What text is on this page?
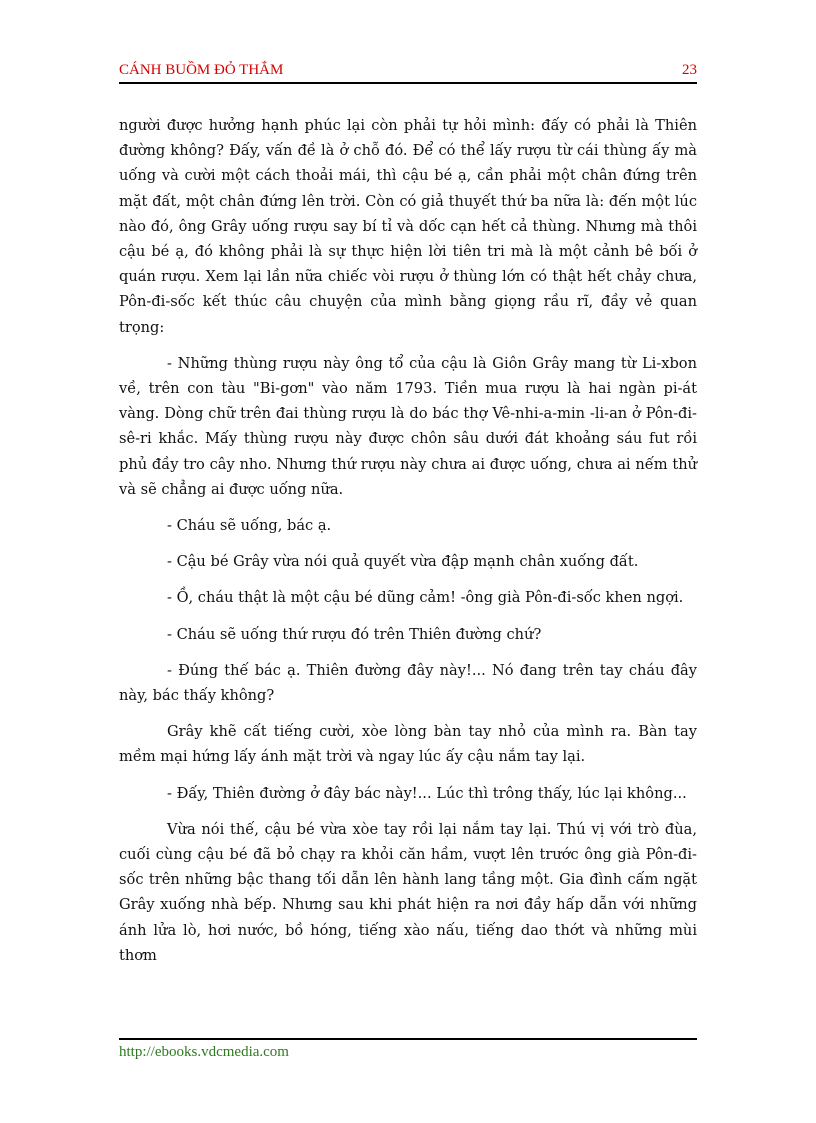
CÁNH BUỒM ĐỎ THẮM	23

người được hưởng hạnh phúc lại còn phải tự hỏi mình: đấy có phải là Thiên đường không? Đấy, vấn đề là ở chỗ đó. Để có thể lấy rượu từ cái thùng ấy mà uống và cười một cách thoải mái, thì cậu bé ạ, cần phải một chân đứng trên mặt đất, một chân đứng lên trời. Còn có giả thuyết thứ ba nữa là: đến một lúc nào đó, ông Grây uống rượu say bí tỉ và dốc cạn hết cả thùng. Nhưng mà thôi cậu bé ạ, đó không phải là sự thực hiện lời tiên tri mà là một cảnh bê bối ở quán rượu. Xem lại lần nữa chiếc vòi rượu ở thùng lớn có thật hết chảy chưa, Pôn-đi-sốc kết thúc câu chuyện của mình bằng giọng rầu rĩ, đầy vẻ quan trọng:

- Những thùng rượu này ông tổ của cậu là Giôn Grây mang từ Li-xbon về, trên con tàu "Bi-gơn" vào năm 1793. Tiền mua rượu là hai ngàn pi-át vàng. Dòng chữ trên đai thùng rượu là do bác thợ Vê-nhi-a-min -li-an ở Pôn-đi-sê-ri khắc. Mấy thùng rượu này được chôn sâu dưới đát khoảng sáu fut rồi phủ đầy tro cây nho. Nhưng thứ rượu này chưa ai được uống, chưa ai nếm thử và sẽ chẳng ai được uống nữa.

- Cháu sẽ uống, bác ạ.

- Cậu bé Grây vừa nói quả quyết vừa đập mạnh chân xuống đất.

- Ồ, cháu thật là một cậu bé dũng cảm! -ông già Pôn-đi-sốc khen ngợi.

- Cháu sẽ uống thứ rượu đó trên Thiên đường chứ?

- Đúng thế bác ạ. Thiên đường đây này!... Nó đang trên tay cháu đây này, bác thấy không?

Grây khẽ cất tiếng cười, xòe lòng bàn tay nhỏ của mình ra. Bàn tay mềm mại hứng lấy ánh mặt trời và ngay lúc ấy cậu nắm tay lại.

- Đấy, Thiên đường ở đây bác này!... Lúc thì trông thấy, lúc lại không...

Vừa nói thế, cậu bé vừa xòe tay rồi lại nắm tay lại. Thú vị với trò đùa, cuối cùng cậu bé đã bỏ chạy ra khỏi căn hầm, vượt lên trước ông già Pôn-đi-sốc trên những bậc thang tối dẫn lên hành lang tầng một. Gia đình cấm ngặt Grây xuống nhà bếp. Nhưng sau khi phát hiện ra nơi đầy hấp dẫn với những ánh lửa lò, hơi nước, bồ hóng, tiếng xào nấu, tiếng dao thớt và những mùi thơm

http://ebooks.vdcmedia.com
